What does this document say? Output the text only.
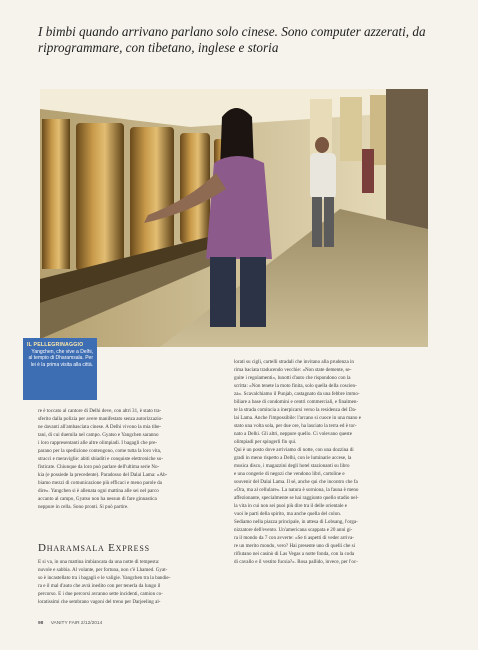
I bimbi quando arrivano parlano solo cinese. Sono computer azzerati, da riprogrammare, con tibetano, inglese e storia
IL PELLEGRINAGGIO
Yangchen, che vive a Delhi, al tempio di Dharamsala. Per lei è la prima visita alla città.
re è toccato al cantore di Delhi deve, con altri 31, è stato tra-
sferito dalla polizia per avere manifestato senza autorizzazio-
ne davanti all'ambasciata cinese. A Delhi vivono la mia tibe-
tani, di cui duemila nel campo. Gyatso e Yangchen saranno
i loro rappresentanti alle altre olimpiadi. I bagagli che pre-
parano per la spedizione contengono, come tutta la loro vita,
stracci e meraviglie: abiti sbiaditi e conquiste elettroniche so-
fisticate. Chiunque da loro può parlare dell'ultima serie No-
kia (e possiede la precedente). Paradosso del Dalai Lama: «Ab-
biamo mezzi di comunicazione più efficaci e meno parole da
dire». Yangchen si è allenata ogni mattina alle sei nel parco
accanto al campo, Gyatso non ha nessun di fare ginnastica
neppure in cella. Sono pronti. Si può partire.
Dharamsala Express
E si va, in una mattina imbiancata da una notte di tempesta:
nuvole e sabbia. Al volante, per fortuna, non c'è Lhamed. Gyat-
so è incastellato tra i bagagli e le valigie. Yangchen tra la bandie-
ra e il mal d'auto che avrà inedito con per tenerla da lungo il
percorso. E i due percorsi avranno sette incidenti, camion co-
loratissimi che sembrano vagoni del treno per Darjeeling al-
lorati su cigli, cartelli stradali che invitano alla prudenza in
rima baciata traducendo vecchie: «Non state demente, se-
guite i regolamenti», lunotti d'auto che rispondono con la
scritta: «Non tenete la moto finita, solo quella della coscien-
za». Scavalchiamo il Punjab, castagnato da una febbre immo-
biliare a base di condomini e centri commerciali, e finalmen-
te la strada comincia a inerpicarsi verso la residenza del Da-
lai Lama. Anche l'impossibile: l'arcano si cuoce in una mano e
stato una volta sola, per due ore, ha lasciato la terra ed è tor-
nato a Delhi. Gli altri, neppure quello. Ci volevano queste
olimpiadi per spingerli fin qui.
Qui è un posto dove arriviamo di notte, con una dozzina di
gradi in meno rispetto a Delhi, con le luminarie accese, la
musica disco, i magazzini degli hotel stazionanti su libro
e una congerie di negozi che vendono libri, cartoline e
souvenir del Dalai Lama. Il sé, anche qui che incontro che fa
«Ora, ma al cellulare». La natura è sorniona, la fauna è meno
affezionante, specialmente se hai raggiunto quello stadio nel-
la vita in cui non sei puoi più dire tra il delle orientale e
vuoi le parti della spirito, ma anche quella del colon.
Sediamo nella piazza principale, in attesa di Lobsang, l'orga-
nizzatore dell'evento. Un'americana scappata e 20 anni gi-
ra il mondo da 7 con avverte: «Se ti aspetti di veder arriva-
re un merito mondo, vero? Hai presente uno di quelli che si
rifiutano nei casinò di Las Vegas a notte fonda, con la coda
di cavallo e il vestito fucsia?». Rosa pallido, invece, per l'oc-
98 VANITY FAIR 2/12/2014
